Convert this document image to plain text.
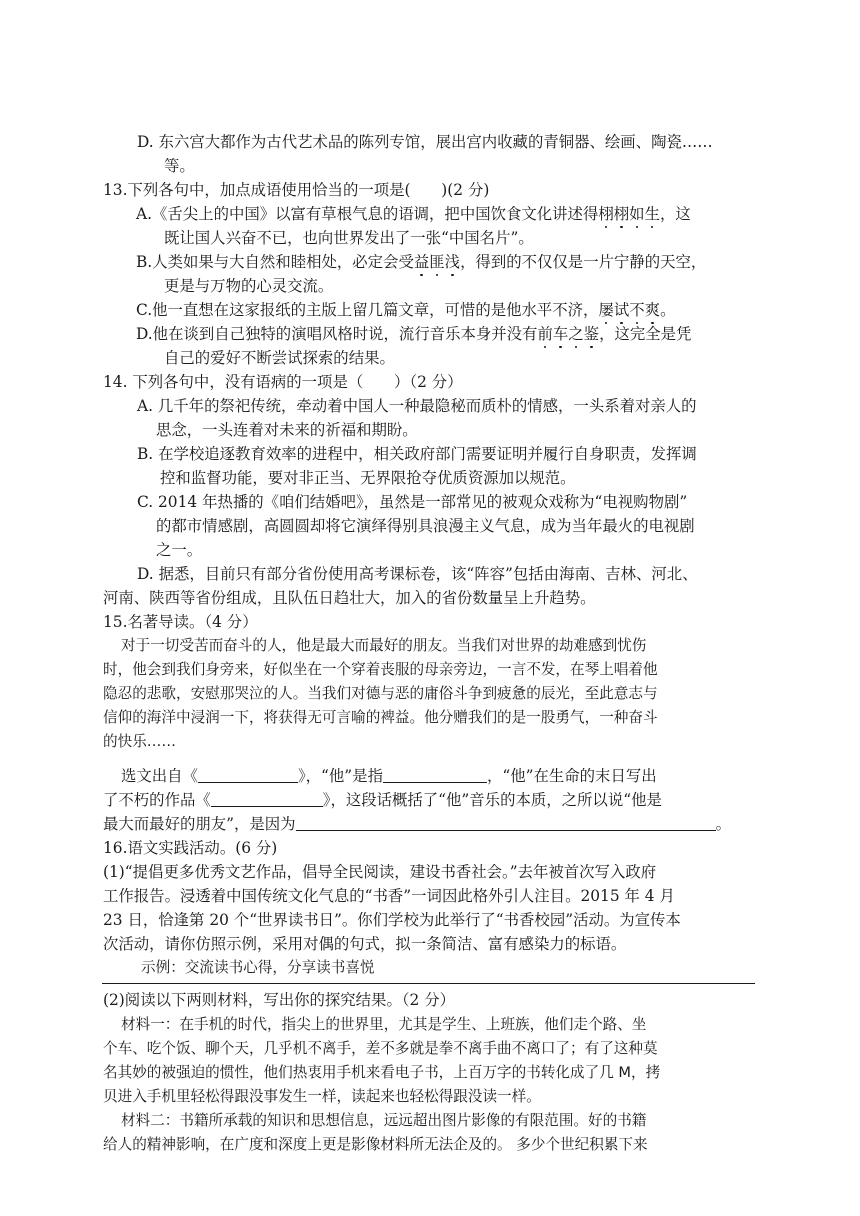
D. 东六宫大都作为古代艺术品的陈列专馆，展出宫内收藏的青铜器、绘画、陶瓷……
等。
13.下列各句中，加点成语使用恰当的一项是(　　)(2 分)
A.《舌尖上的中国》以富有草根气息的语调，把中国饮食文化讲述得栩栩如生，这
既让国人兴奋不已，也向世界发出了一张“中国名片”。
B.人类如果与大自然和睦相处，必定会受益匪浅，得到的不仅仅是一片宁静的天空，
更是与万物的心灵交流。
C.他一直想在这家报纸的主版上留几篇文章，可惜的是他水平不济，屡试不爽。
D.他在谈到自己独特的演唱风格时说，流行音乐本身并没有前车之鉴，这完全是凭
自己的爱好不断尝试探索的结果。
14. 下列各句中，没有语病的一项是（　　）（2 分）
A. 几千年的祭祀传统，牵动着中国人一种最隐秘而质朴的情感，一头系着对亲人的
思念，一头连着对未来的祈福和期盼。
B. 在学校追逐教育效率的进程中，相关政府部门需要证明并履行自身职责，发挥调
控和监督功能，要对非正当、无界限抢夺优质资源加以规范。
C. 2014 年热播的《咱们结婚吧》，虽然是一部常见的被观众戏称为“电视购物剧”
的都市情感剧，高圆圆却将它演绎得别具浪漫主义气息，成为当年最火的电视剧
之一。
D. 据悉，目前只有部分省份使用高考课标卷，该“阵容”包括由海南、吉林、河北、
河南、陕西等省份组成，且队伍日趋壮大，加入的省份数量呈上升趋势。
15.名著导读。（4 分）
对于一切受苦而奋斗的人，他是最大而最好的朋友。当我们对世界的劫难感到忧伤
时，他会到我们身旁来，好似坐在一个穿着丧服的母亲旁边，一言不发，在琴上唱着他
隐忍的悲歌，安慰那哭泣的人。当我们对德与恶的庸俗斗争到疲惫的辰光，至此意志与
信仰的海洋中浸润一下，将获得无可言喻的裨益。他分赠我们的是一股勇气，一种奋斗
的快乐……
选文出自《	》，“他”是指	，“他”在生命的末日写出
了不朽的作品《	》，这段话概括了“他”音乐的本质，之所以说“他是
最大而最好的朋友”，是因为	。
16.语文实践活动。(6 分)
(1)“提倡更多优秀文艺作品，倡导全民阅读，建设书香社会。”去年被首次写入政府
工作报告。浸透着中国传统文化气息的“书香”一词因此格外引人注目。2015 年 4 月
23 日，恰逢第 20 个“世界读书日”。你们学校为此举行了“书香校园”活动。为宣传本
次活动，请你仿照示例，采用对偶的句式，拟一条简洁、富有感染力的标语。
示例：交流读书心得，分享读书喜悦
(2)阅读以下两则材料，写出你的探究结果。（2 分）
材料一：在手机的时代，指尖上的世界里，尤其是学生、上班族，他们走个路、坐
个车、吃个饭、聊个天，几乎机不离手，差不多就是拳不离手曲不离口了；有了这种莫
名其妙的被强迫的惯性，他们热衷用手机来看电子书，上百万字的书转化成了几 M，拷
贝进入手机里轻松得跟没事发生一样，读起来也轻松得跟没读一样。
材料二：书籍所承载的知识和思想信息，远远超出图片影像的有限范围。好的书籍
给人的精神影响，在广度和深度上更是影像材料所无法企及的。 多少个世纪积累下来
